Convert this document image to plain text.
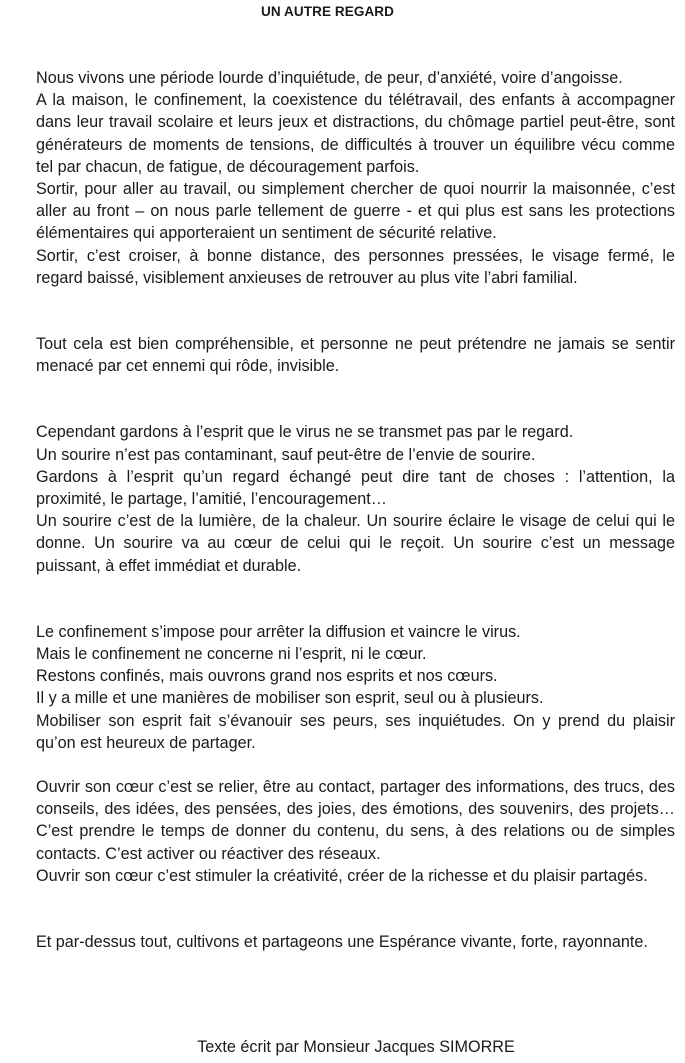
UN AUTRE REGARD

Nous vivons une période lourde d’inquiétude, de peur, d’anxiété, voire d’angoisse.

A la maison, le confinement, la coexistence du télétravail, des enfants à accompagner dans leur travail scolaire et leurs jeux et distractions, du chômage partiel peut-être, sont générateurs de moments de tensions, de difficultés à trouver un équilibre vécu comme tel par chacun, de fatigue, de découragement parfois.

Sortir, pour aller au travail, ou simplement chercher de quoi nourrir la maisonnée, c’est aller au front – on nous parle tellement de guerre - et qui plus est sans les protections élémentaires qui apporteraient un sentiment de sécurité relative.

Sortir, c’est croiser, à bonne distance, des personnes pressées, le visage fermé, le regard baissé, visiblement anxieuses de retrouver au plus vite l’abri familial.

Tout cela est bien compréhensible, et personne ne peut prétendre ne jamais se sentir menacé par cet ennemi qui rôde, invisible.

Cependant gardons à l’esprit que le virus ne se transmet pas par le regard.

Un sourire n’est pas contaminant, sauf peut-être de l’envie de sourire.

Gardons à l’esprit qu’un regard échangé peut dire tant de choses : l’attention, la proximité, le partage, l’amitié, l’encouragement…

Un sourire c’est de la lumière, de la chaleur. Un sourire éclaire le visage de celui qui le donne. Un sourire va au cœur de celui qui le reçoit. Un sourire c’est un message puissant, à effet immédiat et durable.

Le confinement s’impose pour arrêter la diffusion et vaincre le virus.

Mais le confinement ne concerne ni l’esprit, ni le cœur.

Restons confinés, mais ouvrons grand nos esprits et nos cœurs.

Il y a mille et une manières de mobiliser son esprit, seul ou à plusieurs.

Mobiliser son esprit fait s’évanouir ses peurs, ses inquiétudes. On y prend du plaisir qu’on est heureux de partager.

Ouvrir son cœur c’est se relier, être au contact, partager des informations, des trucs, des conseils, des idées, des pensées, des joies, des émotions, des souvenirs, des projets…C’est prendre le temps de donner du contenu, du sens, à des relations ou de simples contacts. C’est activer ou réactiver des réseaux.

Ouvrir son cœur c’est stimuler la créativité, créer de la richesse et du plaisir partagés.

Et par-dessus tout, cultivons et partageons une Espérance vivante, forte, rayonnante.

Texte écrit par Monsieur Jacques SIMORRE
